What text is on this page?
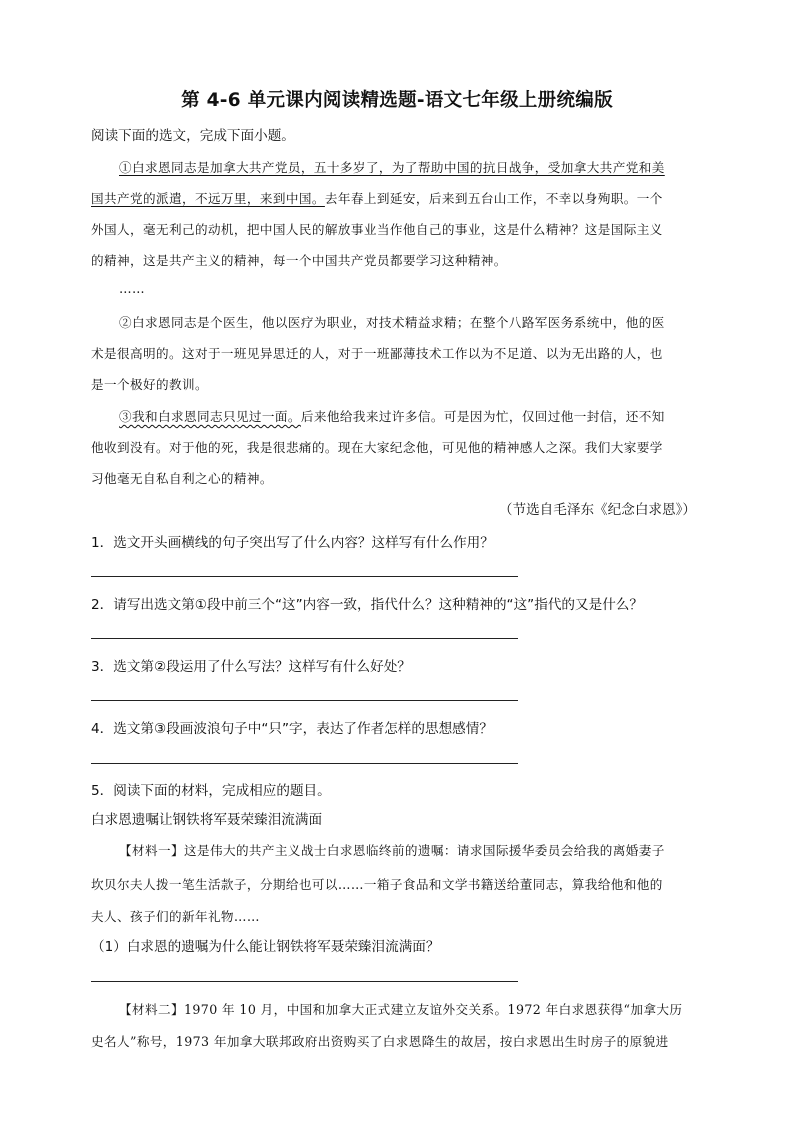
第 4-6 单元课内阅读精选题-语文七年级上册统编版
阅读下面的选文，完成下面小题。
①白求恩同志是加拿大共产党员，五十多岁了，为了帮助中国的抗日战争，受加拿大共产党和美
国共产党的派遣，不远万里，来到中国。去年春上到延安，后来到五台山工作，不幸以身殉职。一个
外国人，毫无利己的动机，把中国人民的解放事业当作他自己的事业，这是什么精神？这是国际主义
的精神，这是共产主义的精神，每一个中国共产党员都要学习这种精神。
……
②白求恩同志是个医生，他以医疗为职业，对技术精益求精；在整个八路军医务系统中，他的医
术是很高明的。这对于一班见异思迁的人，对于一班鄙薄技术工作以为不足道、以为无出路的人，也
是一个极好的教训。
③我和白求恩同志只见过一面。后来他给我来过许多信。可是因为忙，仅回过他一封信，还不知
他收到没有。对于他的死，我是很悲痛的。现在大家纪念他，可见他的精神感人之深。我们大家要学
习他毫无自私自利之心的精神。
（节选自毛泽东《纪念白求恩》）
1．选文开头画横线的句子突出写了什么内容？这样写有什么作用？
2．请写出选文第①段中前三个“这”内容一致，指代什么？这种精神的“这”指代的又是什么？
3．选文第②段运用了什么写法？这样写有什么好处？
4．选文第③段画波浪句子中“只”字，表达了作者怎样的思想感情？
5．阅读下面的材料，完成相应的题目。
白求恩遗嘱让钢铁将军聂荣臻泪流满面
【材料一】这是伟大的共产主义战士白求恩临终前的遗嘱：请求国际援华委员会给我的离婚妻子
坎贝尔夫人拨一笔生活款子，分期给也可以……一箱子食品和文学书籍送给董同志，算我给他和他的
夫人、孩子们的新年礼物……
（1）白求恩的遗嘱为什么能让钢铁将军聂荣臻泪流满面？
【材料二】1970 年 10 月，中国和加拿大正式建立友谊外交关系。1972 年白求恩获得“加拿大历
史名人”称号，1973 年加拿大联邦政府出资购买了白求恩降生的故居，按白求恩出生时房子的原貌进
